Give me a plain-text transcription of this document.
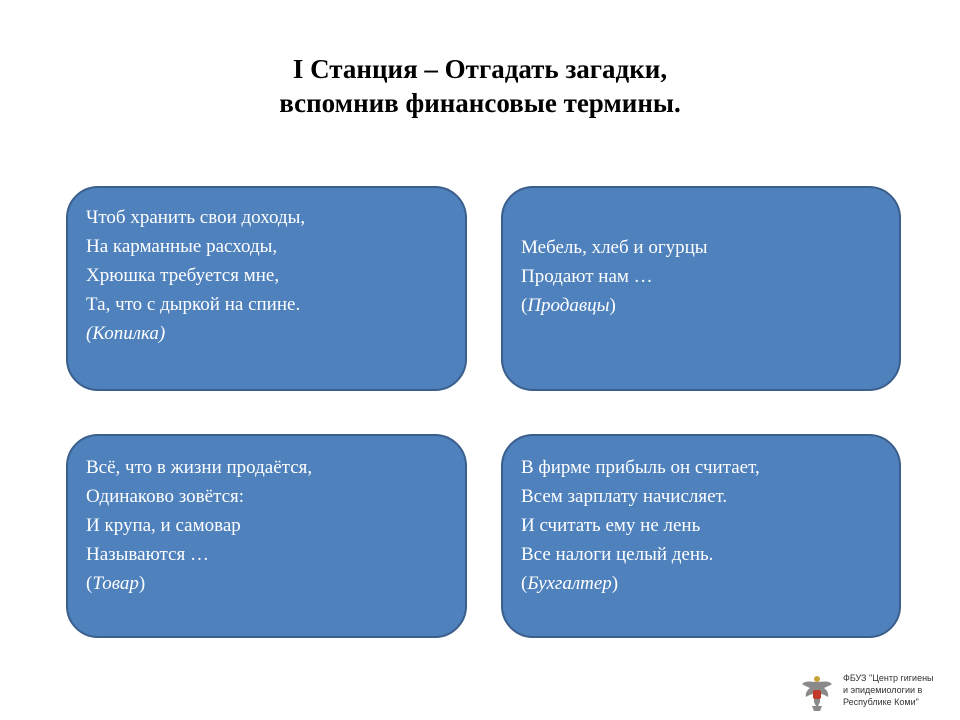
I Станция – Отгадать загадки,
вспомнив финансовые термины.
Чтоб хранить свои доходы,
На карманные расходы,
Хрюшка требуется мне,
Та, что с дыркой на спине.
(Копилка)
Мебель, хлеб и огурцы
Продают нам …
(Продавцы)
Всё, что в жизни продаётся,
Одинаково зовётся:
И крупа, и самовар
Называются …
(Товар)
В фирме прибыль он считает,
Всем зарплату начисляет.
И считать ему не лень
Все налоги целый день.
(Бухгалтер)
ФБУЗ "Центр гигиены
и эпидемиологии в
Республике Коми"
